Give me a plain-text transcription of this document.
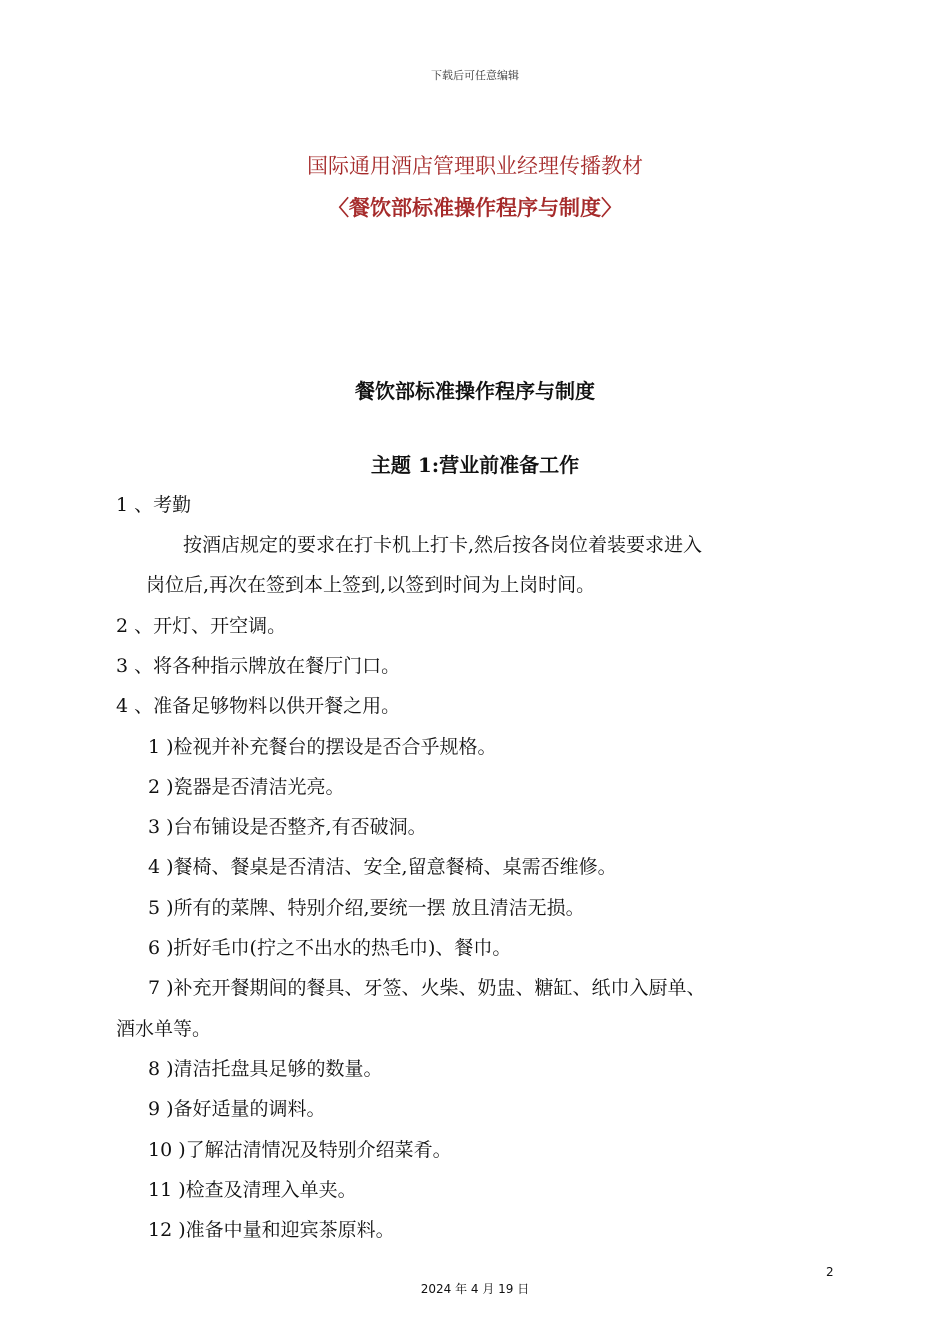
下载后可任意编辑
国际通用酒店管理职业经理传播教材
〈餐饮部标准操作程序与制度〉
餐饮部标准操作程序与制度
主题 1:营业前准备工作
1 、考勤
按酒店规定的要求在打卡机上打卡,然后按各岗位着装要求进入
岗位后,再次在签到本上签到,以签到时间为上岗时间。
2 、开灯、开空调。
3 、将各种指示牌放在餐厅门口。
4 、准备足够物料以供开餐之用。
1 )检视并补充餐台的摆设是否合乎规格。
2 )瓷器是否清洁光亮。
3 )台布铺设是否整齐,有否破洞。
4 )餐椅、餐桌是否清洁、安全,留意餐椅、桌需否维修。
5 )所有的菜牌、特别介绍,要统一摆 放且清洁无损。
6 )折好毛巾(拧之不出水的热毛巾)、餐巾。
7 )补充开餐期间的餐具、牙签、火柴、奶盅、糖缸、纸巾入厨单、
酒水单等。
8 )清洁托盘具足够的数量。
9 )备好适量的调料。
10 )了解沽清情况及特别介绍菜肴。
11 )检查及清理入单夹。
12 )准备中量和迎宾茶原料。
2
2024 年 4 月 19 日
